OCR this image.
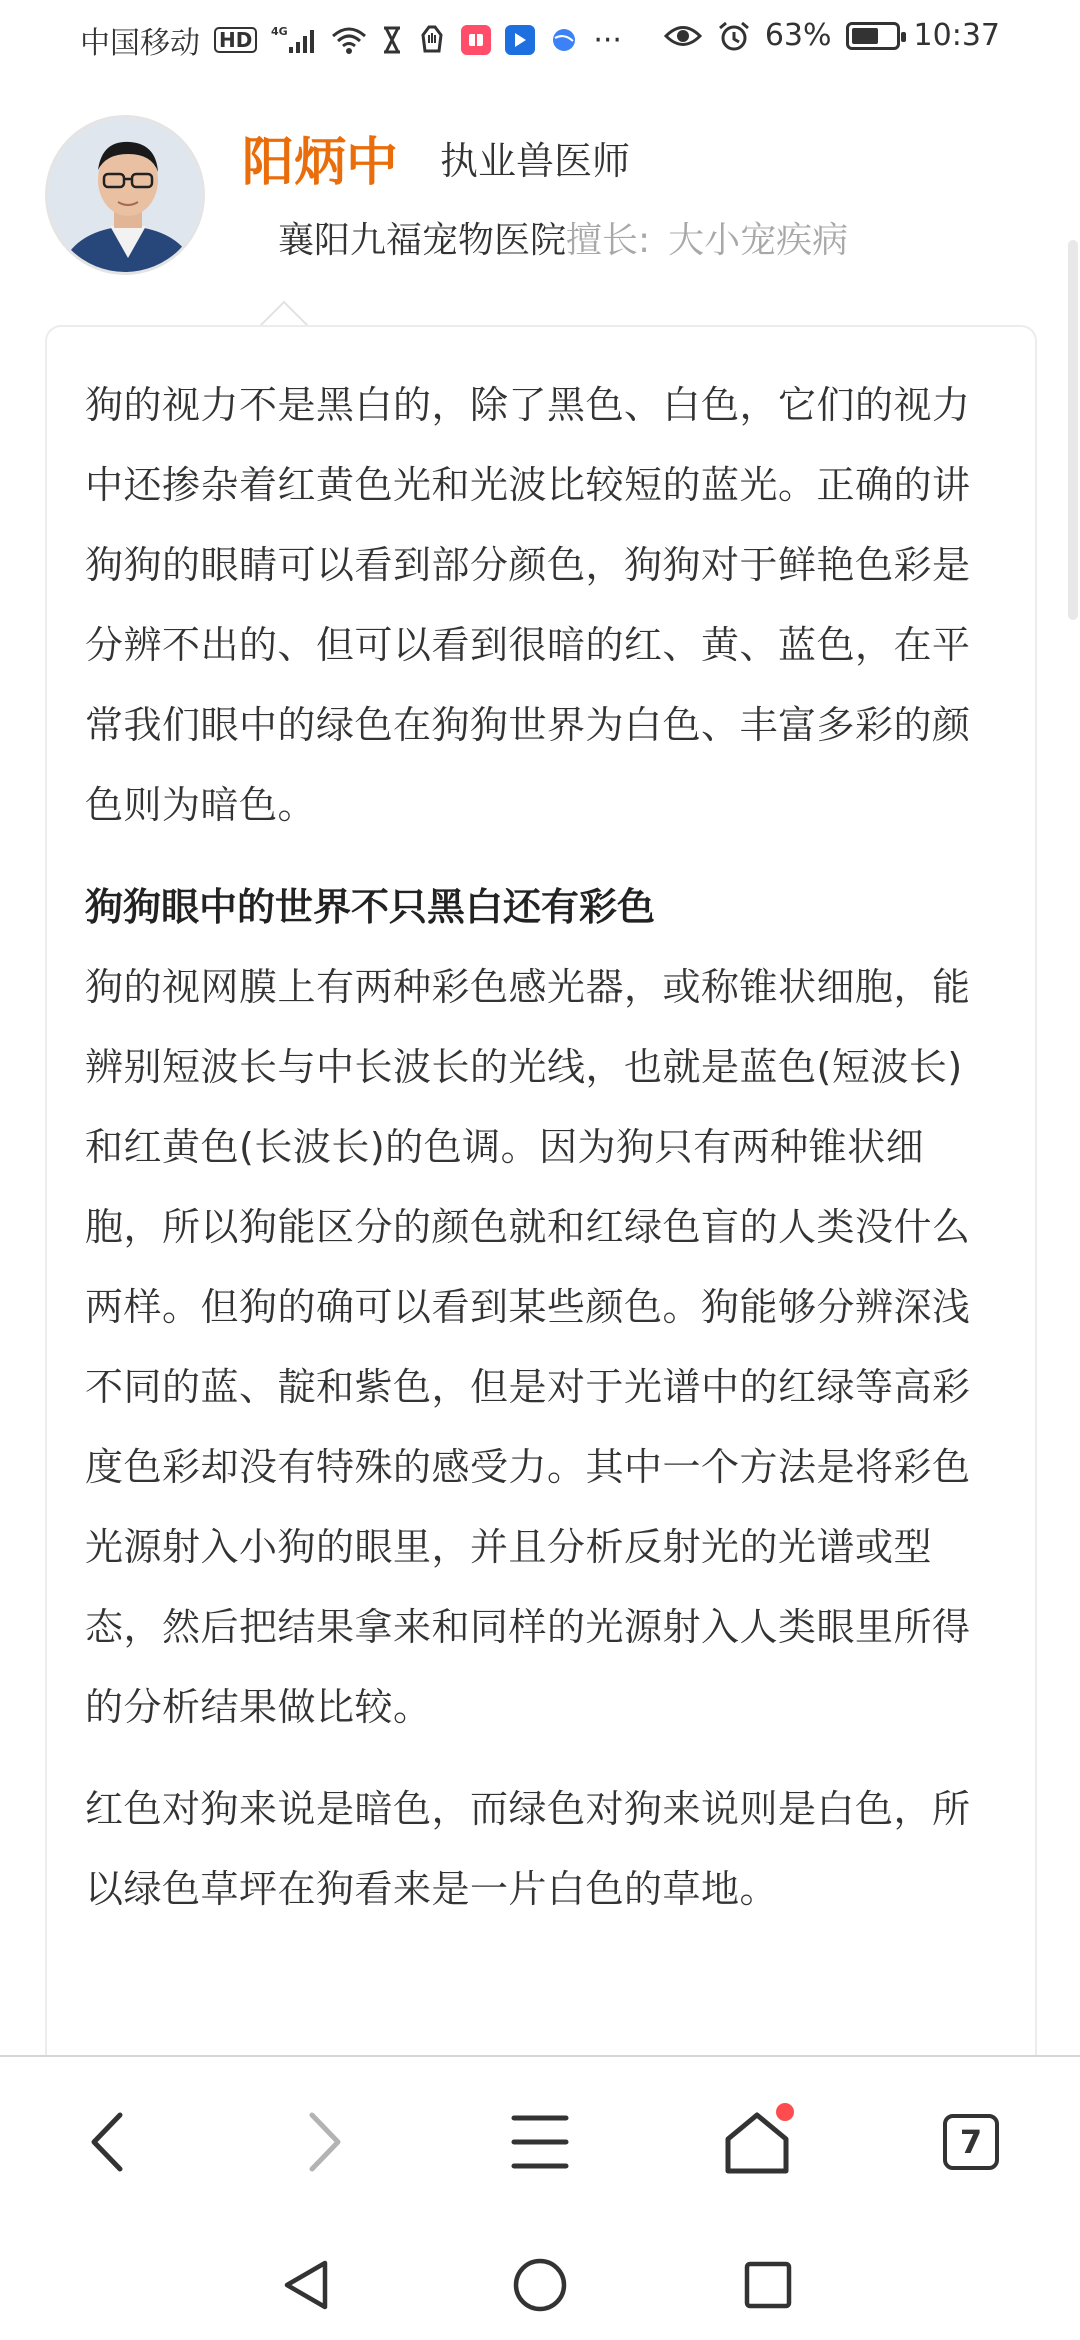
中国移动 HD	4G	···	63%	10:37
阳炳中 执业兽医师
襄阳九福宠物医院 擅长: 大小宠疾病

狗的视力不是黑白的，除了黑色、白色，它们的视力中还掺杂着红黄色光和光波比较短的蓝光。正确的讲狗狗的眼睛可以看到部分颜色，狗狗对于鲜艳色彩是分辨不出的、但可以看到很暗的红、黄、蓝色，在平常我们眼中的绿色在狗狗世界为白色、丰富多彩的颜色则为暗色。

狗狗眼中的世界不只黑白还有彩色

狗的视网膜上有两种彩色感光器，或称锥状细胞，能辨别短波长与中长波长的光线，也就是蓝色(短波长)和红黄色(长波长)的色调。因为狗只有两种锥状细胞，所以狗能区分的颜色就和红绿色盲的人类没什么两样。但狗的确可以看到某些颜色。狗能够分辨深浅不同的蓝、靛和紫色，但是对于光谱中的红绿等高彩度色彩却没有特殊的感受力。其中一个方法是将彩色光源射入小狗的眼里，并且分析反射光的光谱或型态，然后把结果拿来和同样的光源射入人类眼里所得的分析结果做比较。

红色对狗来说是暗色，而绿色对狗来说则是白色，所以绿色草坪在狗看来是一片白色的草地。

7
